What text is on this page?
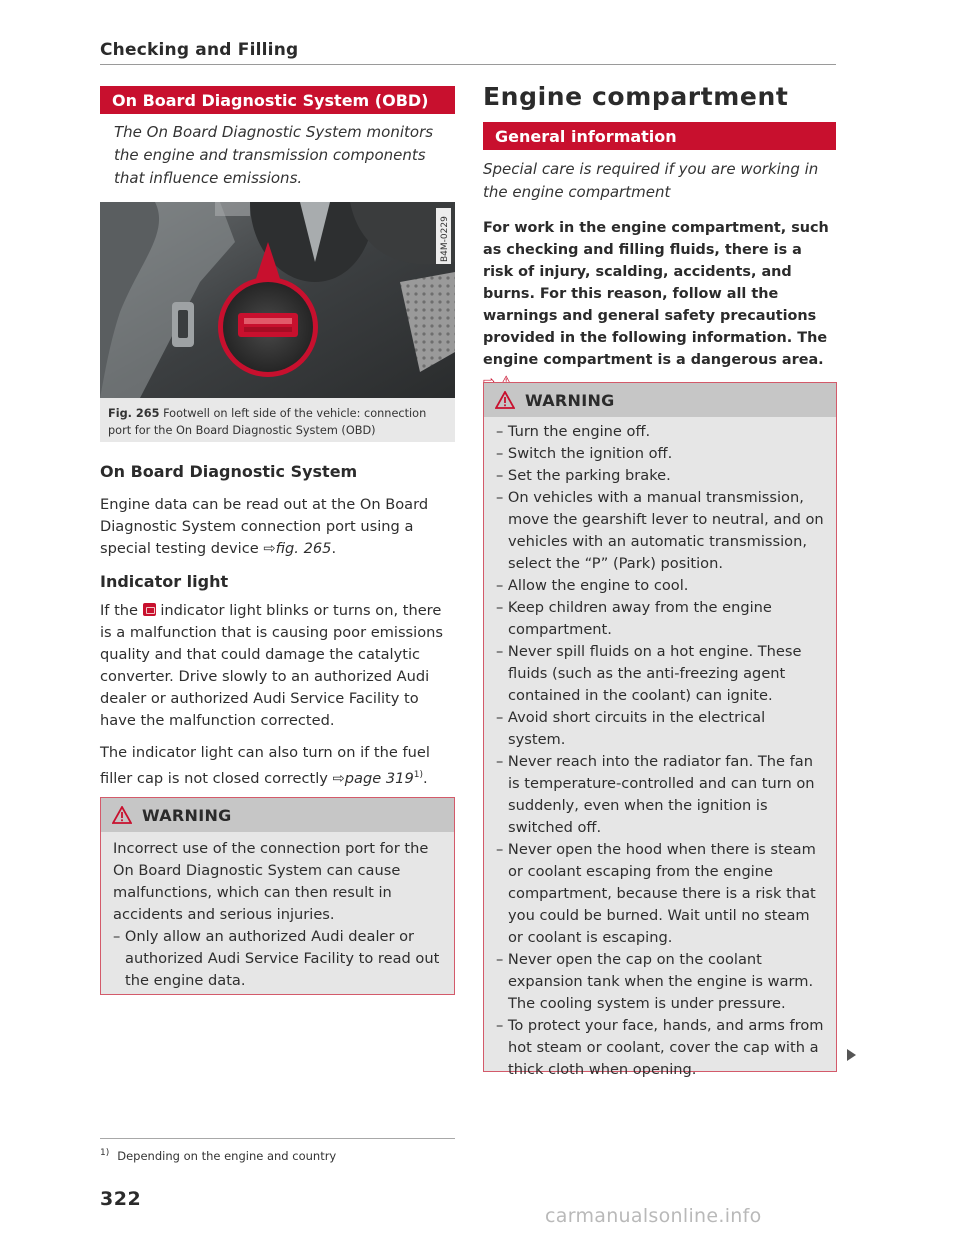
Checking and Filling
On Board Diagnostic System (OBD)
The On Board Diagnostic System monitors the engine and transmission components that influence emissions.
B4M-0229
Fig. 265 Footwell on left side of the vehicle: connection port for the On Board Diagnostic System (OBD)
On Board Diagnostic System

Engine data can be read out at the On Board Diagnostic System connection port using a special testing device ⇨fig. 265.

Indicator light

If the indicator light blinks or turns on, there is a malfunction that is causing poor emissions quality and that could damage the catalytic converter. Drive slowly to an authorized Audi dealer or authorized Audi Service Facility to have the malfunction corrected.

The indicator light can also turn on if the fuel filler cap is not closed correctly ⇨page 319$^{1)}$.

WARNING

Incorrect use of the connection port for the On Board Diagnostic System can cause malfunctions, which can then result in accidents and serious injuries.

– Only allow an authorized Audi dealer or authorized Audi Service Facility to read out the engine data.

$^{1)}$ Depending on the engine and country
322
Engine compartment
General information
Special care is required if you are working in the engine compartment

For work in the engine compartment, such as checking and filling fluids, there is a risk of injury, scalding, accidents, and burns. For this reason, follow all the warnings and general safety precautions provided in the following information. The engine compartment is a dangerous area.

WARNING

– Turn the engine off.

– Switch the ignition off.

– Set the parking brake.

– On vehicles with a manual transmission, move the gearshift lever to neutral, and on vehicles with an automatic transmission, select the “P” (Park) position.

– Allow the engine to cool.

– Keep children away from the engine compartment.

– Never spill fluids on a hot engine. These fluids (such as the anti-freezing agent contained in the coolant) can ignite.

– Avoid short circuits in the electrical system.

– Never reach into the radiator fan. The fan is temperature-controlled and can turn on suddenly, even when the ignition is switched off.

– Never open the hood when there is steam or coolant escaping from the engine compartment, because there is a risk that you could be burned. Wait until no steam or coolant is escaping.

– Never open the cap on the coolant expansion tank when the engine is warm. The cooling system is under pressure.

– To protect your face, hands, and arms from hot steam or coolant, cover the cap with a thick cloth when opening.

carmanualsonline.info
